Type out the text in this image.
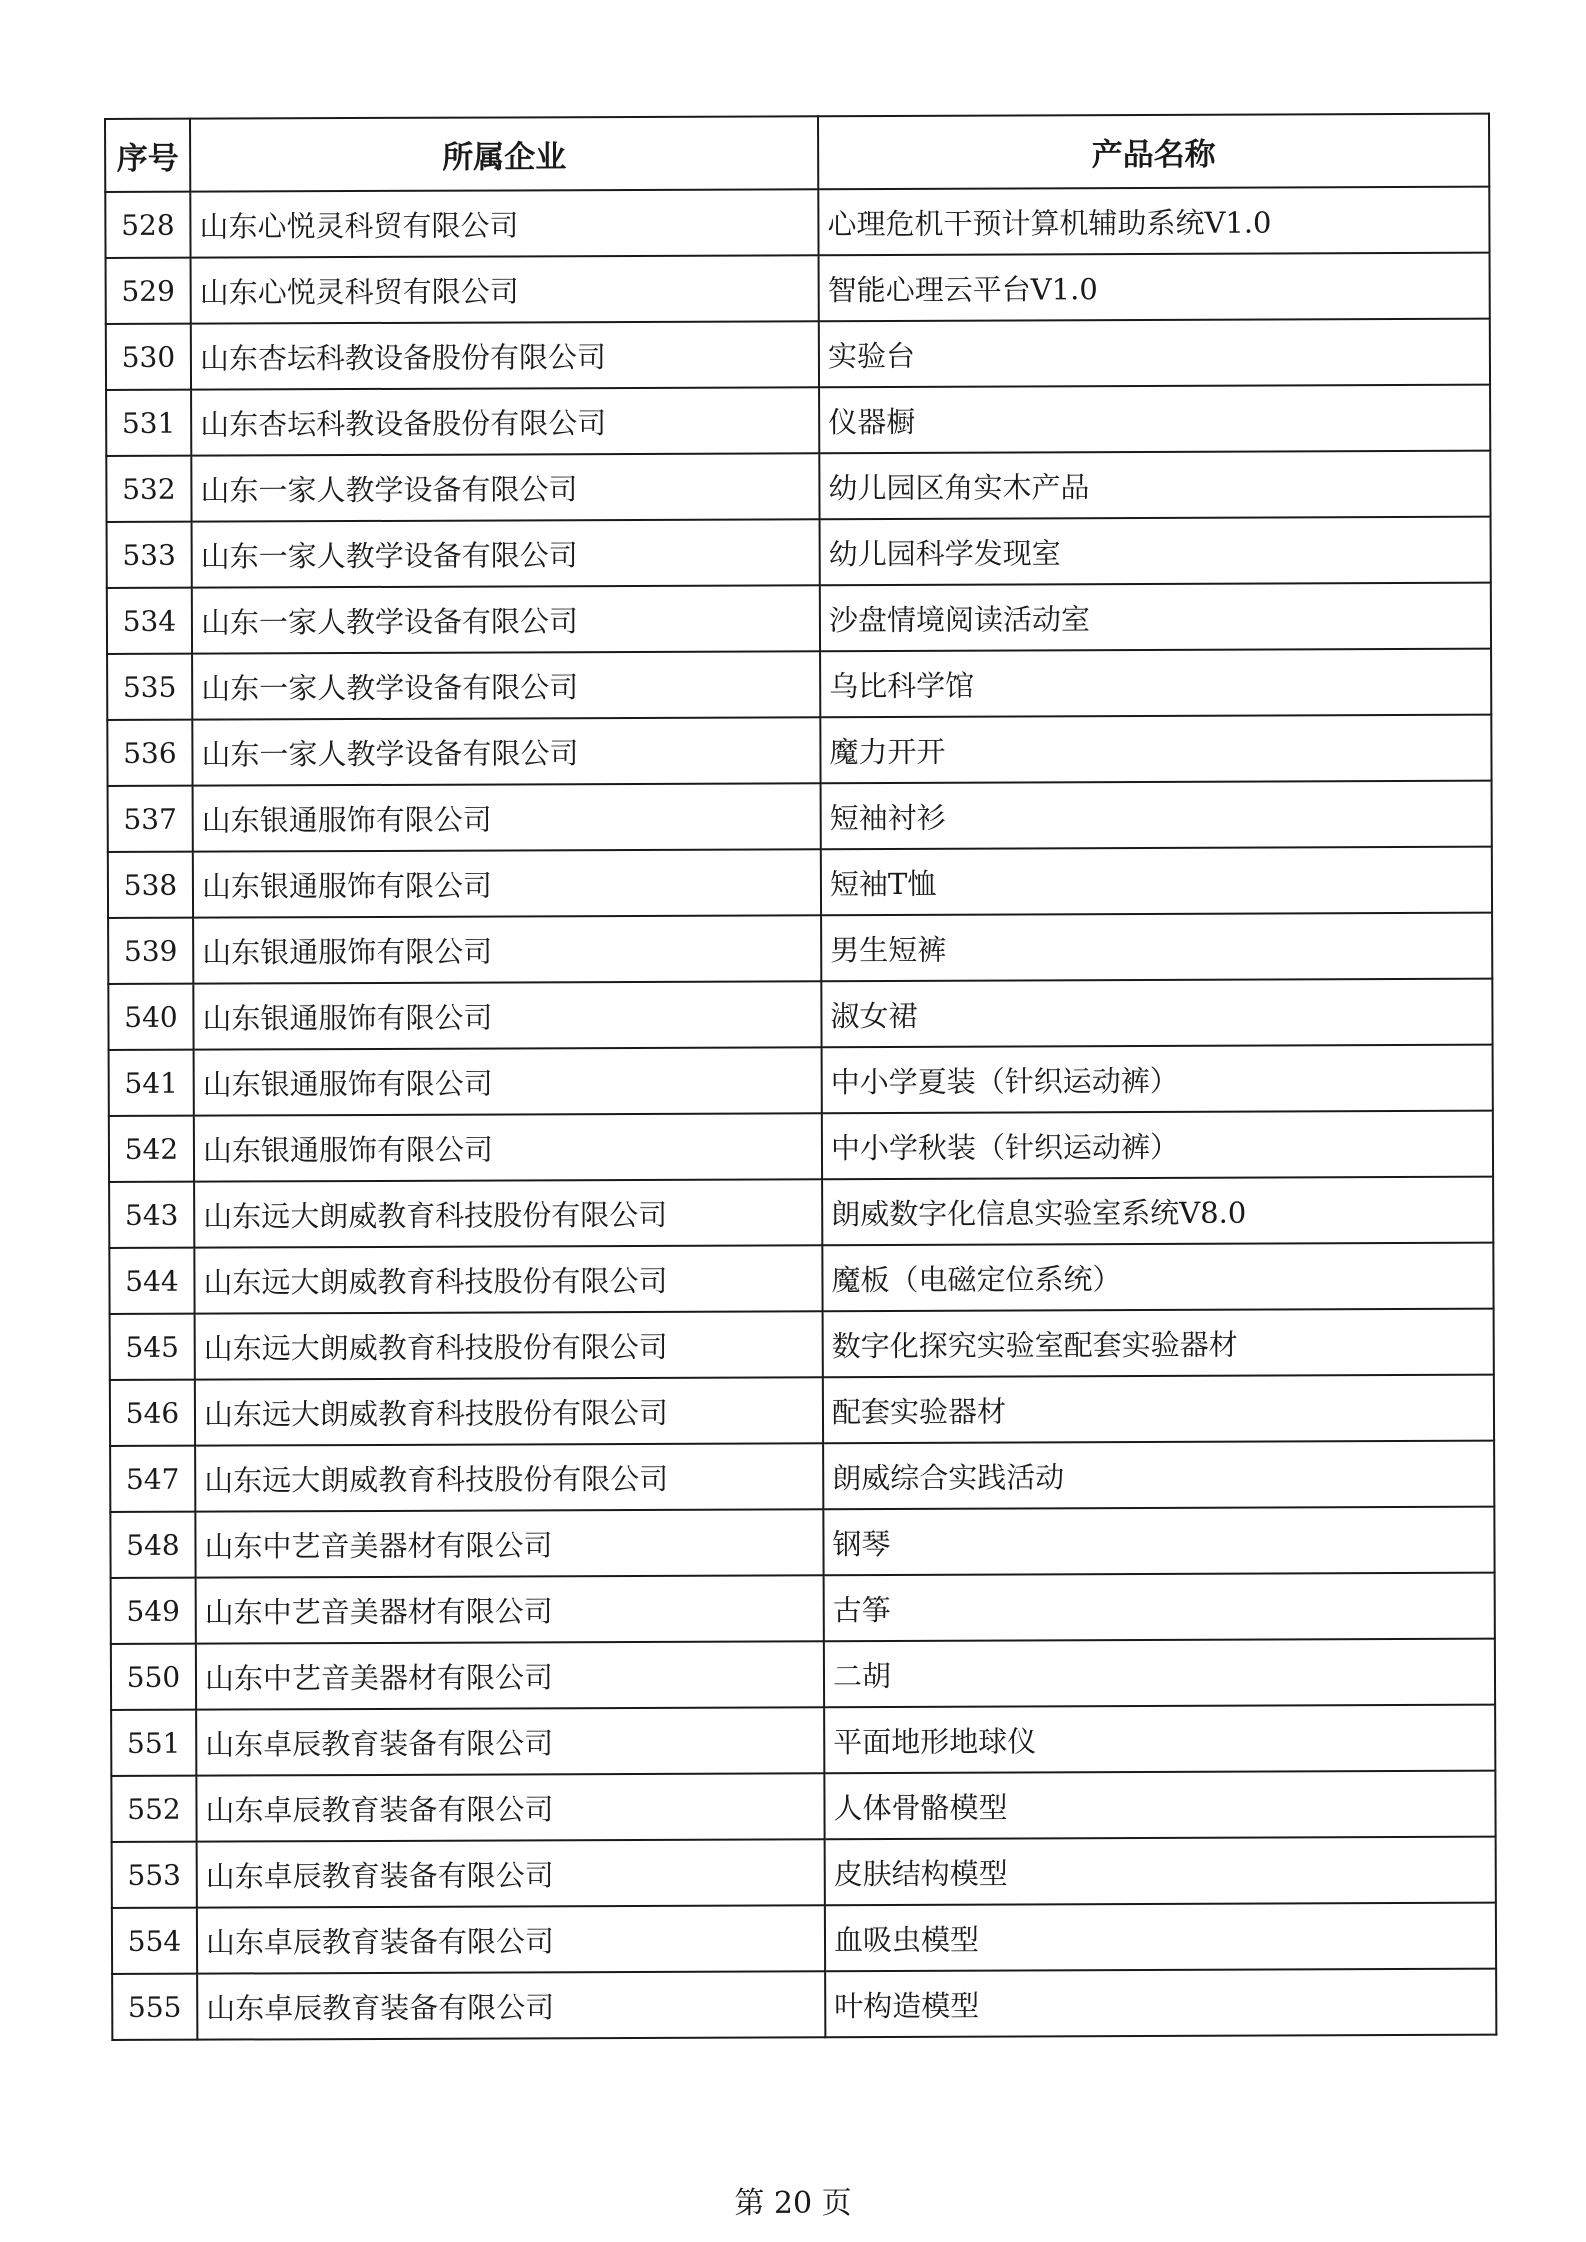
序号	所属企业	产品名称
528	山东心悦灵科贸有限公司	心理危机干预计算机辅助系统V1.0
529	山东心悦灵科贸有限公司	智能心理云平台V1.0
530	山东杏坛科教设备股份有限公司	实验台
531	山东杏坛科教设备股份有限公司	仪器橱
532	山东一家人教学设备有限公司	幼儿园区角实木产品
533	山东一家人教学设备有限公司	幼儿园科学发现室
534	山东一家人教学设备有限公司	沙盘情境阅读活动室
535	山东一家人教学设备有限公司	乌比科学馆
536	山东一家人教学设备有限公司	魔力开开
537	山东银通服饰有限公司	短袖衬衫
538	山东银通服饰有限公司	短袖T恤
539	山东银通服饰有限公司	男生短裤
540	山东银通服饰有限公司	淑女裙
541	山东银通服饰有限公司	中小学夏装（针织运动裤）
542	山东银通服饰有限公司	中小学秋装（针织运动裤）
543	山东远大朗威教育科技股份有限公司	朗威数字化信息实验室系统V8.0
544	山东远大朗威教育科技股份有限公司	魔板（电磁定位系统）
545	山东远大朗威教育科技股份有限公司	数字化探究实验室配套实验器材
546	山东远大朗威教育科技股份有限公司	配套实验器材
547	山东远大朗威教育科技股份有限公司	朗威综合实践活动
548	山东中艺音美器材有限公司	钢琴
549	山东中艺音美器材有限公司	古筝
550	山东中艺音美器材有限公司	二胡
551	山东卓辰教育装备有限公司	平面地形地球仪
552	山东卓辰教育装备有限公司	人体骨骼模型
553	山东卓辰教育装备有限公司	皮肤结构模型
554	山东卓辰教育装备有限公司	血吸虫模型
555	山东卓辰教育装备有限公司	叶构造模型
第 20 页
